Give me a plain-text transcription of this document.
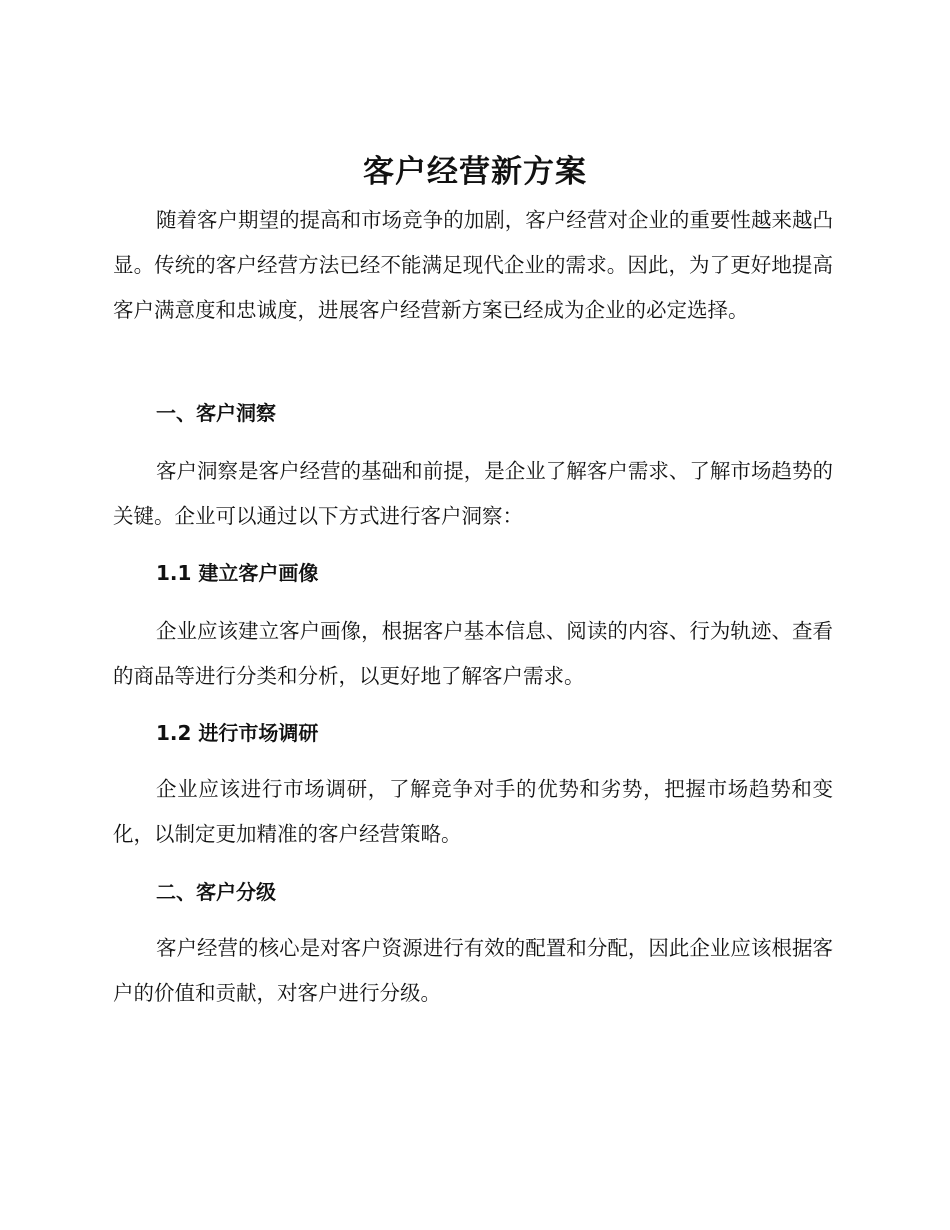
客户经营新方案

随着客户期望的提高和市场竞争的加剧，客户经营对企业的重要性越来越凸显。传统的客户经营方法已经不能满足现代企业的需求。因此，为了更好地提高客户满意度和忠诚度，进展客户经营新方案已经成为企业的必定选择。

一、客户洞察

客户洞察是客户经营的基础和前提，是企业了解客户需求、了解市场趋势的关键。企业可以通过以下方式进行客户洞察：

1.1 建立客户画像

企业应该建立客户画像，根据客户基本信息、阅读的内容、行为轨迹、查看的商品等进行分类和分析，以更好地了解客户需求。

1.2 进行市场调研

企业应该进行市场调研，了解竞争对手的优势和劣势，把握市场趋势和变化，以制定更加精准的客户经营策略。

二、客户分级

客户经营的核心是对客户资源进行有效的配置和分配，因此企业应该根据客户的价值和贡献，对客户进行分级。
